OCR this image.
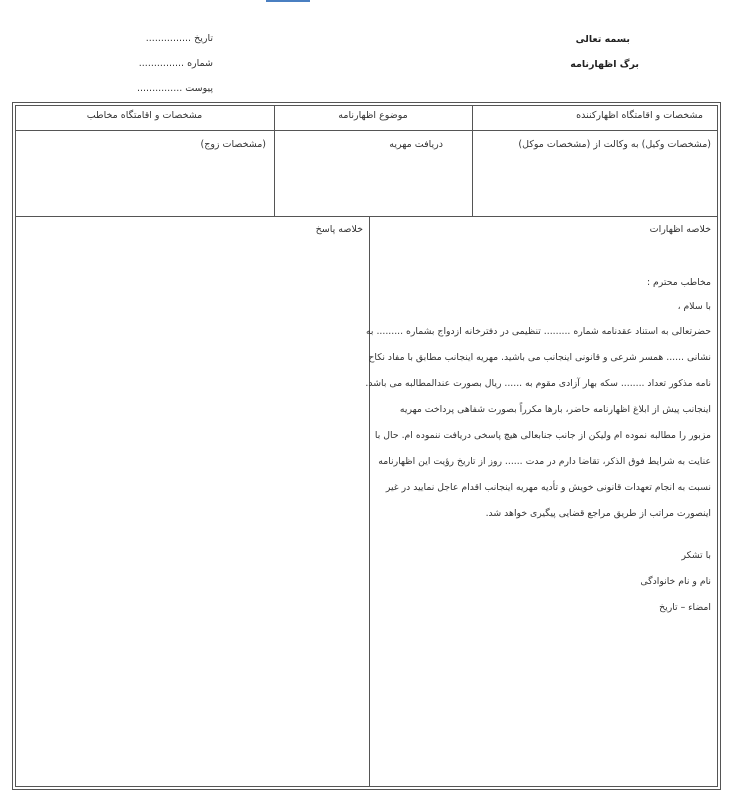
بسمه تعالی
برگ اظهارنامه
تاریخ ...............
شماره ...............
پیوست ...............
مشخصات و اقامتگاه اظهارکننده
موضوع اظهارنامه
مشخصات و اقامتگاه مخاطب
(مشخصات وکیل) به وکالت از (مشخصات موکل)
دریافت مهریه
(مشخصات زوج)
خلاصه اظهارات
مخاطب محترم :
با سلام ،
حضرتعالی به استناد عقدنامه شماره ......... تنظیمی در دفترخانه ازدواج بشماره ......... به
نشانی ...... همسر شرعی و قانونی اینجانب می باشید. مهریه اینجانب مطابق با مفاد نکاح
نامه مذکور تعداد ........ سکه بهار آزادی مقوم به ...... ریال بصورت عندالمطالبه می باشد.
اینجانب پیش از ابلاغ اظهارنامه حاضر، بارها مکرراً بصورت شفاهی پرداخت مهریه
مزبور را مطالبه نموده ام ولیکن از جانب جنابعالی هیچ پاسخی دریافت ننموده ام. حال با
عنایت به شرایط فوق الذکر، تقاضا دارم در مدت ...... روز از تاریخ رؤیت این اظهارنامه
نسبت به انجام تعهدات قانونی خویش و تأدیه مهریه اینجانب اقدام عاجل نمایید در غیر
اینصورت مراتب از طریق مراجع قضایی پیگیری خواهد شد.
با تشکر
نام و نام خانوادگی
امضاء – تاریخ
خلاصه پاسخ
